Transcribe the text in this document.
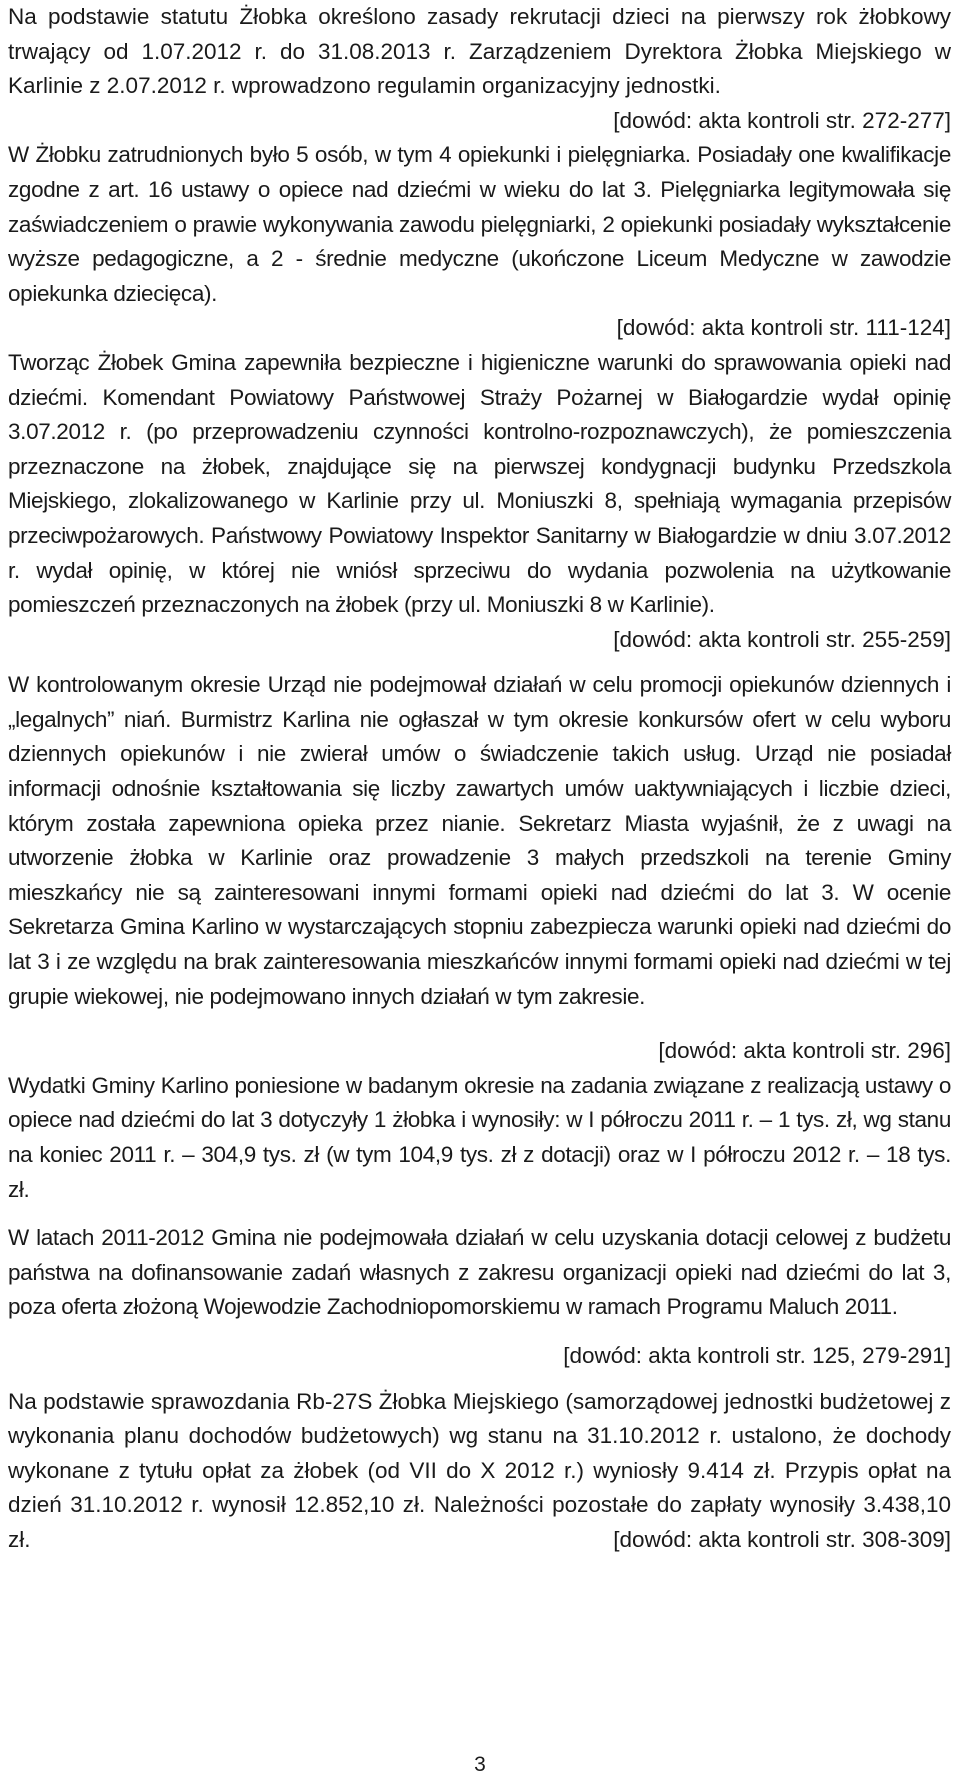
Na podstawie statutu Żłobka określono zasady rekrutacji dzieci na pierwszy rok żłobkowy trwający od 1.07.2012 r. do 31.08.2013 r. Zarządzeniem Dyrektora Żłobka Miejskiego w Karlinie z 2.07.2012 r. wprowadzono regulamin organizacyjny jednostki.

[dowód: akta kontroli str. 272-277]

W Żłobku zatrudnionych było 5 osób, w tym 4 opiekunki i pielęgniarka. Posiadały one kwalifikacje zgodne z art. 16 ustawy o opiece nad dziećmi w wieku do lat 3. Pielęgniarka legitymowała się zaświadczeniem o prawie wykonywania zawodu pielęgniarki, 2 opiekunki posiadały wykształcenie wyższe pedagogiczne, a 2 - średnie medyczne (ukończone Liceum Medyczne w zawodzie opiekunka dziecięca).

[dowód: akta kontroli str. 111-124]

Tworząc Żłobek Gmina zapewniła bezpieczne i higieniczne warunki do sprawowania opieki nad dziećmi. Komendant Powiatowy Państwowej Straży Pożarnej w Białogardzie wydał opinię 3.07.2012 r. (po przeprowadzeniu czynności kontrolno-rozpoznawczych), że pomieszczenia przeznaczone na żłobek, znajdujące się na pierwszej kondygnacji budynku Przedszkola Miejskiego, zlokalizowanego w Karlinie przy ul. Moniuszki 8, spełniają wymagania przepisów przeciwpożarowych. Państwowy Powiatowy Inspektor Sanitarny w Białogardzie w dniu 3.07.2012 r. wydał opinię, w której nie wniósł sprzeciwu do wydania pozwolenia na użytkowanie pomieszczeń przeznaczonych na żłobek (przy ul. Moniuszki 8 w Karlinie).

[dowód: akta kontroli str. 255-259]

W kontrolowanym okresie Urząd nie podejmował działań w celu promocji opiekunów dziennych i „legalnych” niań. Burmistrz Karlina nie ogłaszał w tym okresie konkursów ofert w celu wyboru dziennych opiekunów i nie zwierał umów o świadczenie takich usług. Urząd nie posiadał informacji odnośnie kształtowania się liczby zawartych umów uaktywniających i liczbie dzieci, którym została zapewniona opieka przez nianie. Sekretarz Miasta wyjaśnił, że z uwagi na utworzenie żłobka w Karlinie oraz prowadzenie 3 małych przedszkoli na terenie Gminy mieszkańcy nie są zainteresowani innymi formami opieki nad dziećmi do lat 3. W ocenie Sekretarza Gmina Karlino w wystarczających stopniu zabezpiecza warunki opieki nad dziećmi do lat 3 i ze względu na brak zainteresowania mieszkańców innymi formami opieki nad dziećmi w tej grupie wiekowej, nie podejmowano innych działań w tym zakresie.

[dowód: akta kontroli str. 296]

Wydatki Gminy Karlino poniesione w badanym okresie na zadania związane z realizacją ustawy o opiece nad dziećmi do lat 3 dotyczyły 1 żłobka i wynosiły: w I półroczu 2011 r. – 1 tys. zł, wg stanu na koniec 2011 r. – 304,9 tys. zł (w tym 104,9 tys. zł z dotacji) oraz w I półroczu 2012 r. – 18 tys. zł.

W latach 2011-2012 Gmina nie podejmowała działań w celu uzyskania dotacji celowej z budżetu państwa na dofinansowanie zadań własnych z zakresu organizacji opieki nad dziećmi do lat 3, poza oferta złożoną Wojewodzie Zachodniopomorskiemu w ramach Programu Maluch 2011.

[dowód: akta kontroli str. 125, 279-291]

Na podstawie sprawozdania Rb-27S Żłobka Miejskiego (samorządowej jednostki budżetowej z wykonania planu dochodów budżetowych) wg stanu na 31.10.2012 r. ustalono, że dochody wykonane z tytułu opłat za żłobek (od VII do X 2012 r.) wyniosły 9.414 zł. Przypis opłat na dzień 31.10.2012 r. wynosił 12.852,10 zł. Należności pozostałe do zapłaty wynosiły 3.438,10 zł.	[dowód: akta kontroli str. 308-309]

3
